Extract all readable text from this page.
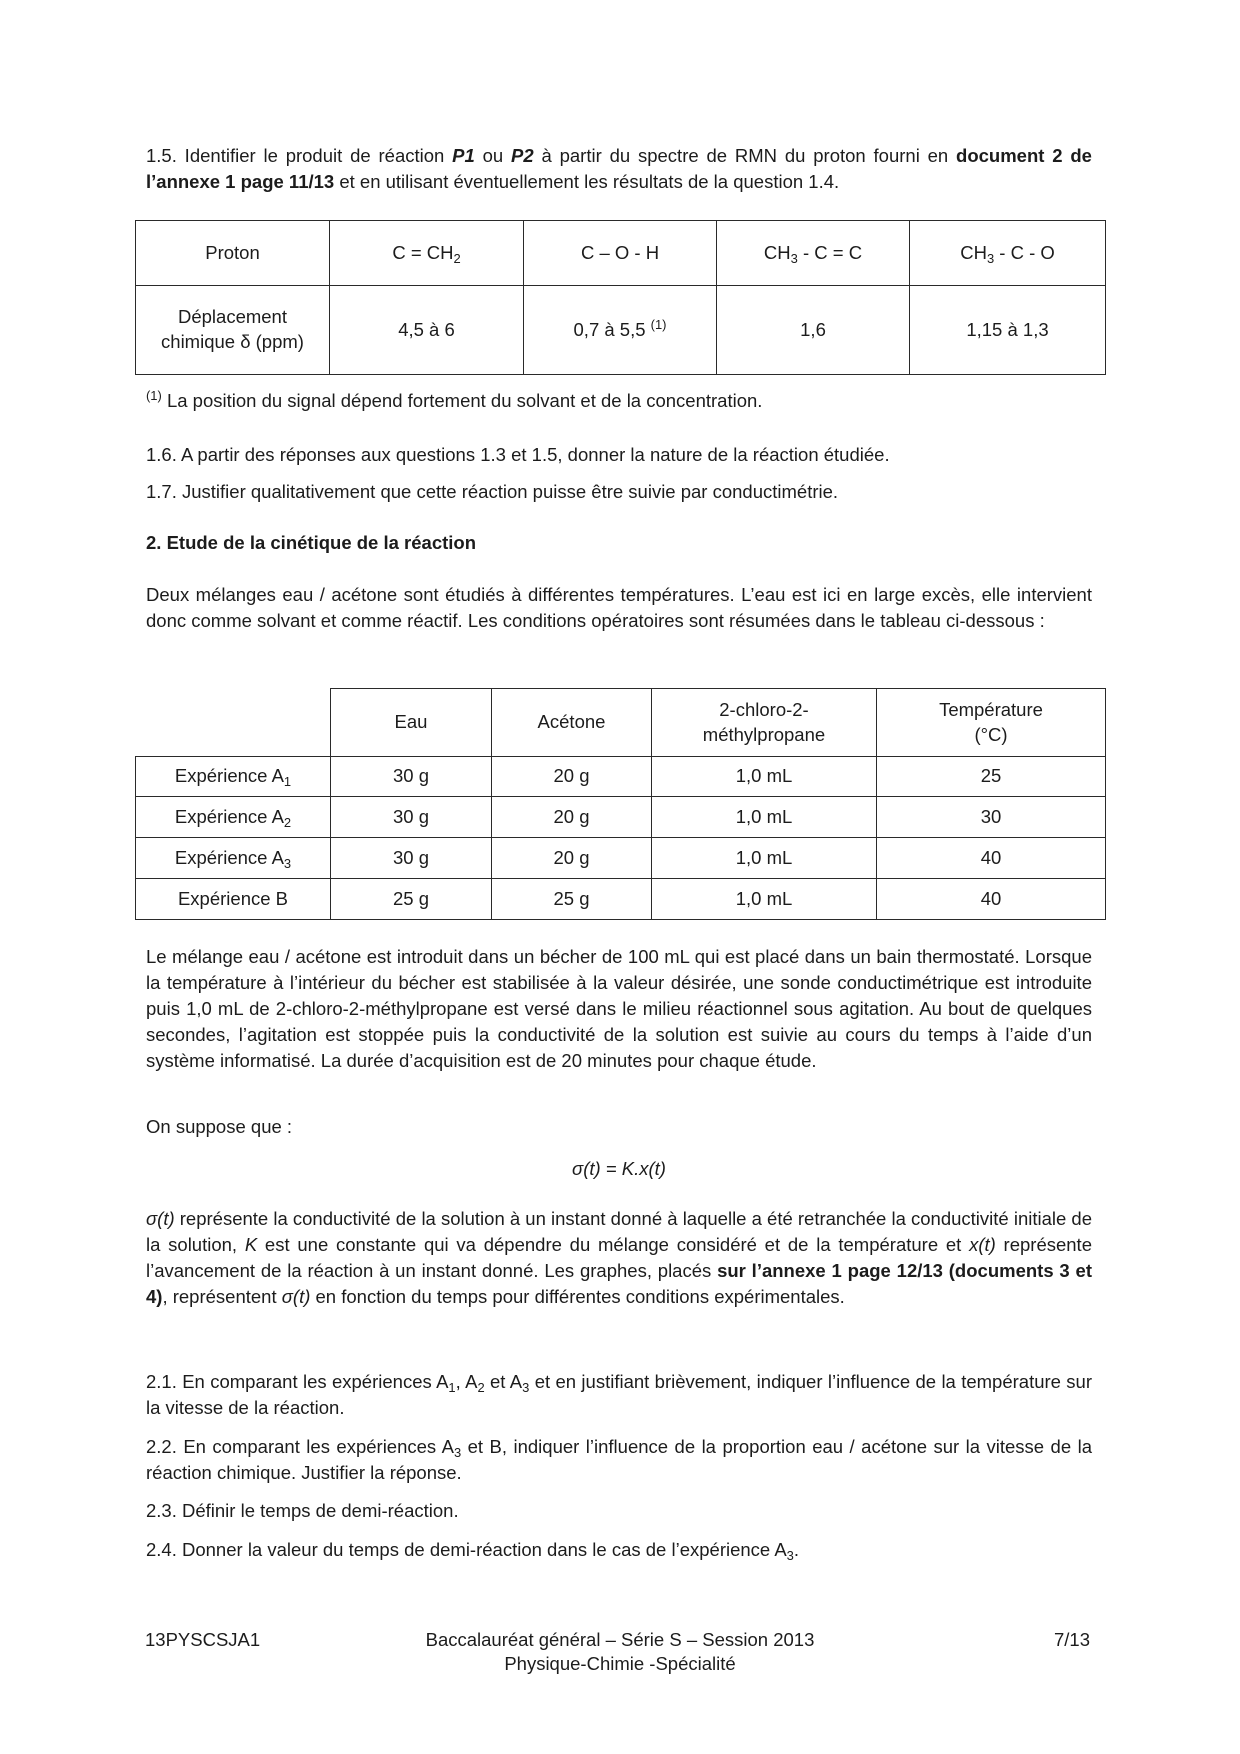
1.5. Identifier le produit de réaction P1 ou P2 à partir du spectre de RMN du proton fourni en document 2 de l’annexe 1 page 11/13 et en utilisant éventuellement les résultats de la question 1.4.

Proton	$C = CH_2$	C – O - H	$CH_3 - C = C$	$CH_3$ - C - O
Déplacement
chimique δ (ppm)	4,5 à 6	0,7 à 5,5 $^{(1)}$	1,6	1,15 à 1,3

$^{(1)}$ La position du signal dépend fortement du solvant et de la concentration.

1.6. A partir des réponses aux questions 1.3 et 1.5, donner la nature de la réaction étudiée.

1.7. Justifier qualitativement que cette réaction puisse être suivie par conductimétrie.

2. Etude de la cinétique de la réaction

Deux mélanges eau / acétone sont étudiés à différentes températures. L’eau est ici en large excès, elle intervient donc comme solvant et comme réactif. Les conditions opératoires sont résumées dans le tableau ci-dessous :

	Eau	Acétone	2-chloro-2-
méthylpropane	Température
(°C)
Expérience $A_1$	30 g	20 g	1,0 mL	25
Expérience $A_2$	30 g	20 g	1,0 mL	30
Expérience $A_3$	30 g	20 g	1,0 mL	40
Expérience B	25 g	25 g	1,0 mL	40

Le mélange eau / acétone est introduit dans un bécher de 100 mL qui est placé dans un bain thermostaté. Lorsque la température à l’intérieur du bécher est stabilisée à la valeur désirée, une sonde conductimétrique est introduite puis 1,0 mL de 2-chloro-2-méthylpropane est versé dans le milieu réactionnel sous agitation. Au bout de quelques secondes, l’agitation est stoppée puis la conductivité de la solution est suivie au cours du temps à l’aide d’un système informatisé. La durée d’acquisition est de 20 minutes pour chaque étude.

On suppose que :

σ(t) = K.x(t)

σ(t) représente la conductivité de la solution à un instant donné à laquelle a été retranchée la conductivité initiale de la solution, K est une constante qui va dépendre du mélange considéré et de la température et x(t) représente l’avancement de la réaction à un instant donné. Les graphes, placés sur l’annexe 1 page 12/13 (documents 3 et 4), représentent σ(t) en fonction du temps pour différentes conditions expérimentales.

2.1. En comparant les expériences $A_1$, $A_2$ et $A_3$ et en justifiant brièvement, indiquer l’influence de la température sur la vitesse de la réaction.

2.2. En comparant les expériences $A_3$ et B, indiquer l’influence de la proportion eau / acétone sur la vitesse de la réaction chimique. Justifier la réponse.

2.3. Définir le temps de demi-réaction.

2.4. Donner la valeur du temps de demi-réaction dans le cas de l’expérience $A_3$.

13PYSCSJA1	Baccalauréat général – Série S – Session 2013
Physique-Chimie -Spécialité
7/13
